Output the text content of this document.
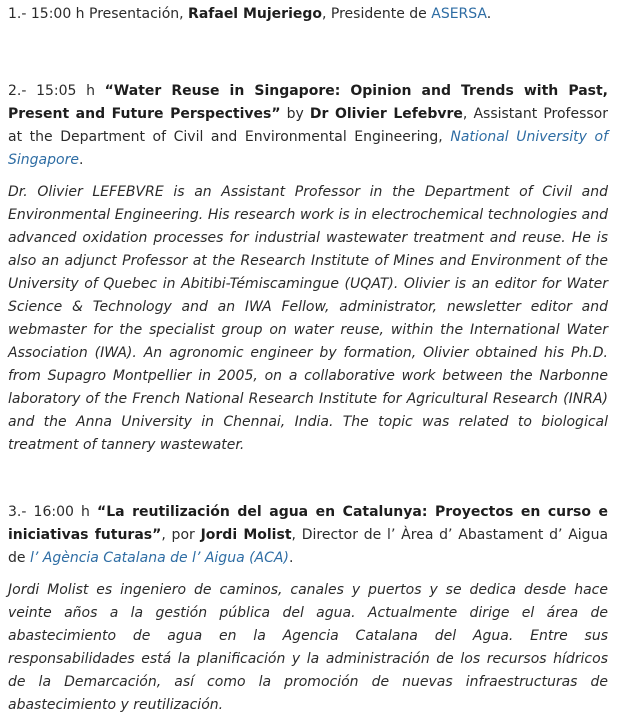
1.- 15:00 h Presentación, Rafael Mujeriego, Presidente de ASERSA.

2.- 15:05 h “Water Reuse in Singapore: Opinion and Trends with Past, Present and Future Perspectives” by Dr Olivier Lefebvre, Assistant Professor at the Department of Civil and Environmental Engineering, National University of Singapore.

Dr. Olivier LEFEBVRE is an Assistant Professor in the Department of Civil and Environmental Engineering. His research work is in electrochemical technologies and advanced oxidation processes for industrial wastewater treatment and reuse. He is also an adjunct Professor at the Research Institute of Mines and Environment of the University of Quebec in Abitibi-Témiscamingue (UQAT). Olivier is an editor for Water Science & Technology and an IWA Fellow, administrator, newsletter editor and webmaster for the specialist group on water reuse, within the International Water Association (IWA). An agronomic engineer by formation, Olivier obtained his Ph.D. from Supagro Montpellier in 2005, on a collaborative work between the Narbonne laboratory of the French National Research Institute for Agricultural Research (INRA) and the Anna University in Chennai, India. The topic was related to biological treatment of tannery wastewater.

3.- 16:00 h “La reutilización del agua en Catalunya: Proyectos en curso e iniciativas futuras”, por Jordi Molist, Director de l’ Àrea d’ Abastament d’ Aigua de l’ Agència Catalana de l’ Aigua (ACA).

Jordi Molist es ingeniero de caminos, canales y puertos y se dedica desde hace veinte años a la gestión pública del agua. Actualmente dirige el área de abastecimiento de agua en la Agencia Catalana del Agua. Entre sus responsabilidades está la planificación y la administración de los recursos hídricos de la Demarcación, así como la promoción de nuevas infraestructuras de abastecimiento y reutilización.
